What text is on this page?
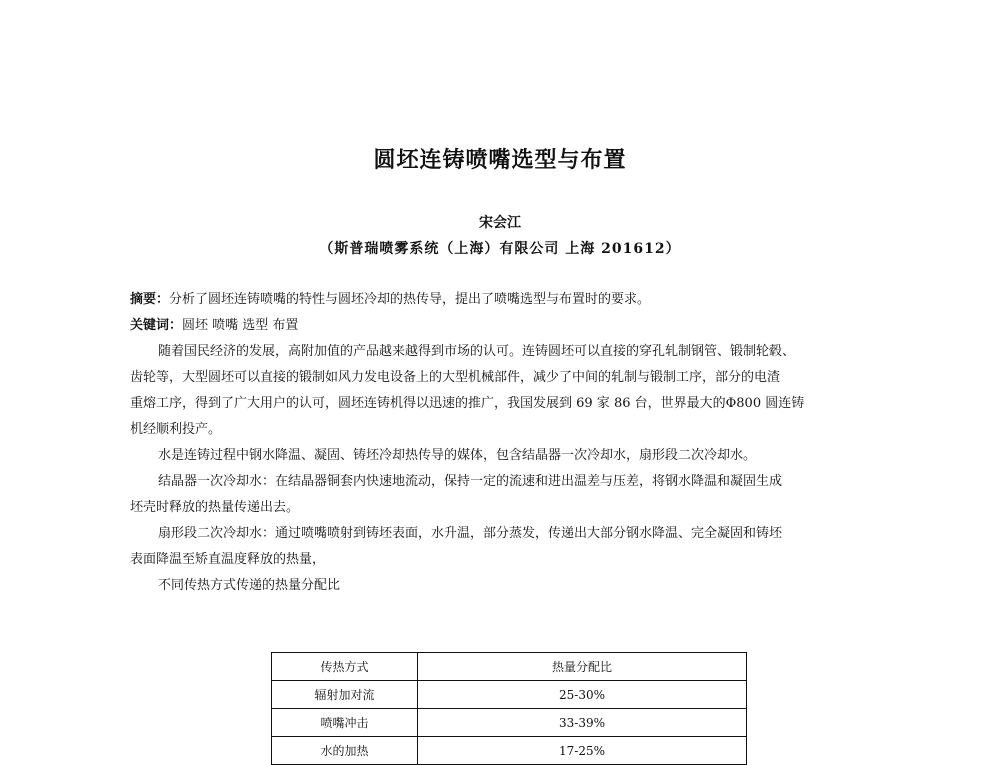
圆坯连铸喷嘴选型与布置
宋会江
（斯普瑞喷雾系统（上海）有限公司 上海 201612）
摘要：分析了圆坯连铸喷嘴的特性与圆坯冷却的热传导，提出了喷嘴选型与布置时的要求。
关键词：圆坯 喷嘴 选型 布置
随着国民经济的发展，高附加值的产品越来越得到市场的认可。连铸圆坯可以直接的穿孔轧制钢管、锻制轮毂、
齿轮等，大型圆坯可以直接的锻制如风力发电设备上的大型机械部件，减少了中间的轧制与锻制工序，部分的电渣
重熔工序，得到了广大用户的认可，圆坯连铸机得以迅速的推广，我国发展到 69 家 86 台，世界最大的Φ800 圆连铸
机经顺利投产。
水是连铸过程中钢水降温、凝固、铸坯冷却热传导的媒体，包含结晶器一次冷却水，扇形段二次冷却水。
结晶器一次冷却水：在结晶器铜套内快速地流动，保持一定的流速和进出温差与压差，将钢水降温和凝固生成
坯壳时释放的热量传递出去。
扇形段二次冷却水：通过喷嘴喷射到铸坯表面，水升温，部分蒸发，传递出大部分钢水降温、完全凝固和铸坯
表面降温至矫直温度释放的热量，
不同传热方式传递的热量分配比
传热方式	热量分配比
辐射加对流	25-30%
喷嘴冲击	33-39%
水的加热	17-25%
